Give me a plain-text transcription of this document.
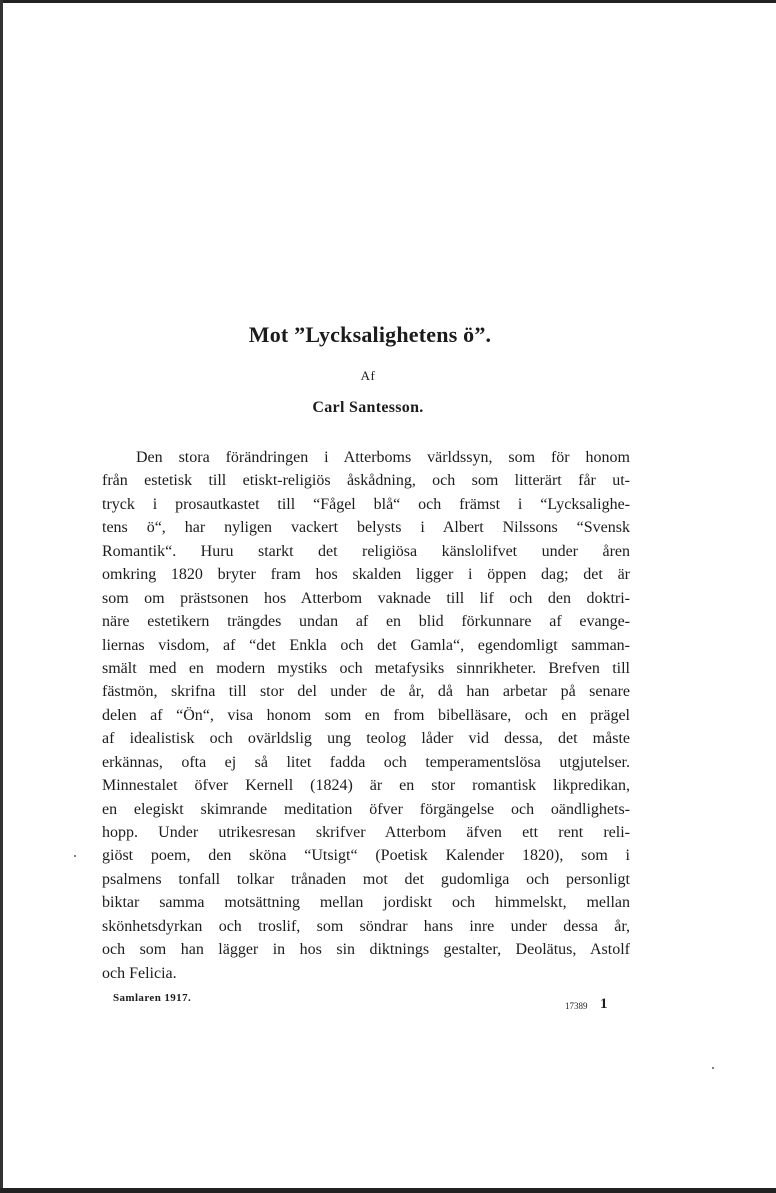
Mot ”Lycksalighetens ö”.
Af
Carl Santesson.
Den stora förändringen i Atterboms världssyn, som för honom
från estetisk till etiskt-religiös åskådning, och som litterärt får ut-
tryck i prosautkastet till “Fågel blå“ och främst i “Lycksalighe-
tens ö“, har nyligen vackert belysts i Albert Nilssons “Svensk
Romantik“. Huru starkt det religiösa känslolifvet under åren
omkring 1820 bryter fram hos skalden ligger i öppen dag; det är
som om prästsonen hos Atterbom vaknade till lif och den doktri-
näre estetikern trängdes undan af en blid förkunnare af evange-
liernas visdom, af “det Enkla och det Gamla“, egendomligt samman-
smält med en modern mystiks och metafysiks sinnrikheter. Brefven till
fästmön, skrifna till stor del under de år, då han arbetar på senare
delen af “Ön“, visa honom som en from bibelläsare, och en prägel
af idealistisk och ovärldslig ung teolog låder vid dessa, det måste
erkännas, ofta ej så litet fadda och temperamentslösa utgjutelser.
Minnestalet öfver Kernell (1824) är en stor romantisk likpredikan,
en elegiskt skimrande meditation öfver förgängelse och oändlighets-
hopp. Under utrikesresan skrifver Atterbom äfven ett rent reli-
giöst poem, den sköna “Utsigt“ (Poetisk Kalender 1820), som i
psalmens tonfall tolkar trånaden mot det gudomliga och personligt
biktar samma motsättning mellan jordiskt och himmelskt, mellan
skönhetsdyrkan och troslif, som söndrar hans inre under dessa år,
och som han lägger in hos sin diktnings gestalter, Deolätus, Astolf
och Felicia.
Samlaren 1917.
17389 1
